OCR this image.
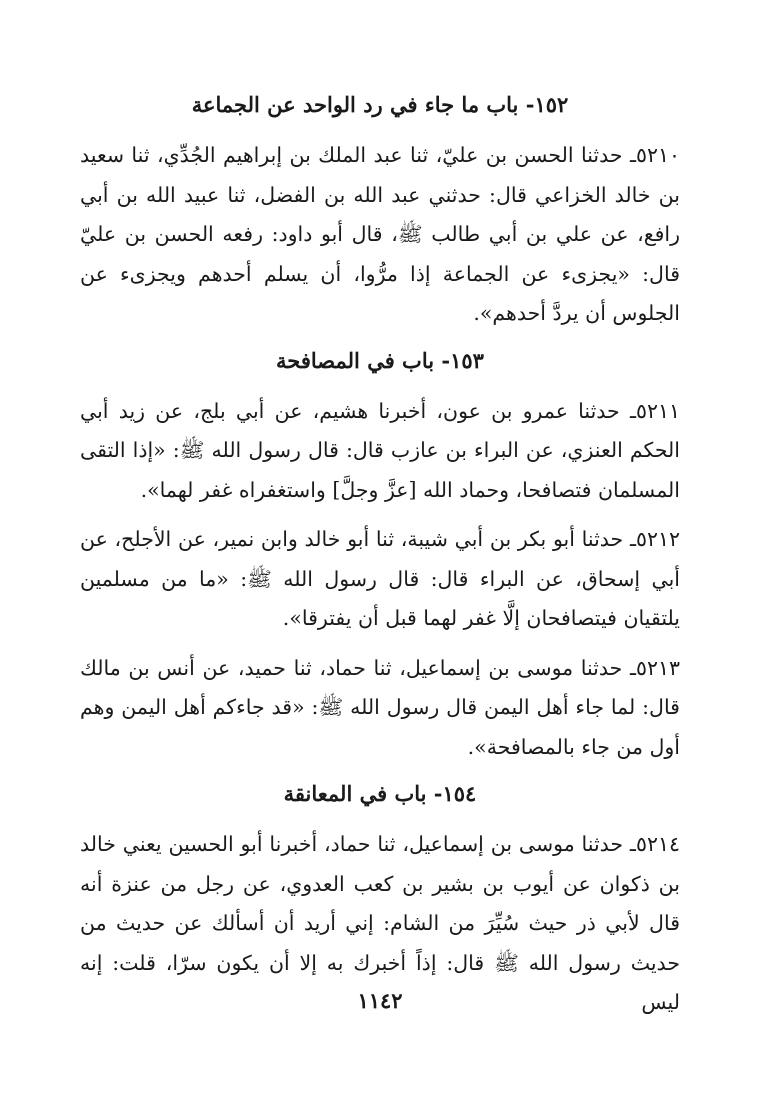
١٥٢- باب ما جاء في رد الواحد عن الجماعة

٥٢١٠ـ حدثنا الحسن بن عليّ، ثنا عبد الملك بن إبراهيم الجُدِّي، ثنا سعيد بن خالد الخزاعي قال: حدثني عبد الله بن الفضل، ثنا عبيد الله بن أبي رافع، عن علي بن أبي طالب ﷺ، قال أبو داود: رفعه الحسن بن عليّ قال: «يجزىء عن الجماعة إذا مرُّوا، أن يسلم أحدهم ويجزىء عن الجلوس أن يردَّ أحدهم».

١٥٣- باب في المصافحة

٥٢١١ـ حدثنا عمرو بن عون، أخبرنا هشيم، عن أبي بلج، عن زيد أبي الحكم العنزي، عن البراء بن عازب قال: قال رسول الله ﷺ: «إذا التقى المسلمان فتصافحا، وحماد الله [عزَّ وجلَّ] واستغفراه غفر لهما».

٥٢١٢ـ حدثنا أبو بكر بن أبي شيبة، ثنا أبو خالد وابن نمير، عن الأجلح، عن أبي إسحاق، عن البراء قال: قال رسول الله ﷺ: «ما من مسلمين يلتقيان فيتصافحان إلَّا غفر لهما قبل أن يفترقا».

٥٢١٣ـ حدثنا موسى بن إسماعيل، ثنا حماد، ثنا حميد، عن أنس بن مالك قال: لما جاء أهل اليمن قال رسول الله ﷺ: «قد جاءكم أهل اليمن وهم أول من جاء بالمصافحة».

١٥٤- باب في المعانقة

٥٢١٤ـ حدثنا موسى بن إسماعيل، ثنا حماد، أخبرنا أبو الحسين يعني خالد بن ذكوان عن أيوب بن بشير بن كعب العدوي، عن رجل من عنزة أنه قال لأبي ذر حيث سُيِّرَ من الشام: إني أريد أن أسألك عن حديث من حديث رسول الله ﷺ قال: إذاً أخبرك به إلا أن يكون سرّا، قلت: إنه ليس

١١٤٢
